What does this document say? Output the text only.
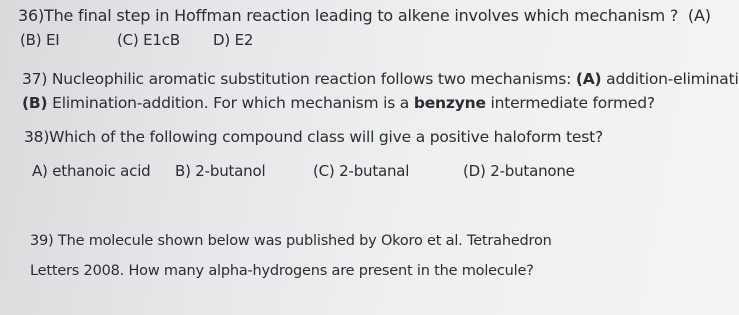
36)The final step in Hoffman reaction leading to alkene involves which mechanism ? (A)
(B) EI	(C) E1cB D) E2
37) Nucleophilic aromatic substitution reaction follows two mechanisms: (A) addition-eliminati
(B) Elimination-addition. For which mechanism is a benzyne intermediate formed?
38)Which of the following compound class will give a positive haloform test?
A) ethanoic acid B) 2-butanol	(C) 2-butanal	(D) 2-butanone
39) The molecule shown below was published by Okoro et al. Tetrahedron
Letters 2008. How many alpha-hydrogens are present in the molecule?
